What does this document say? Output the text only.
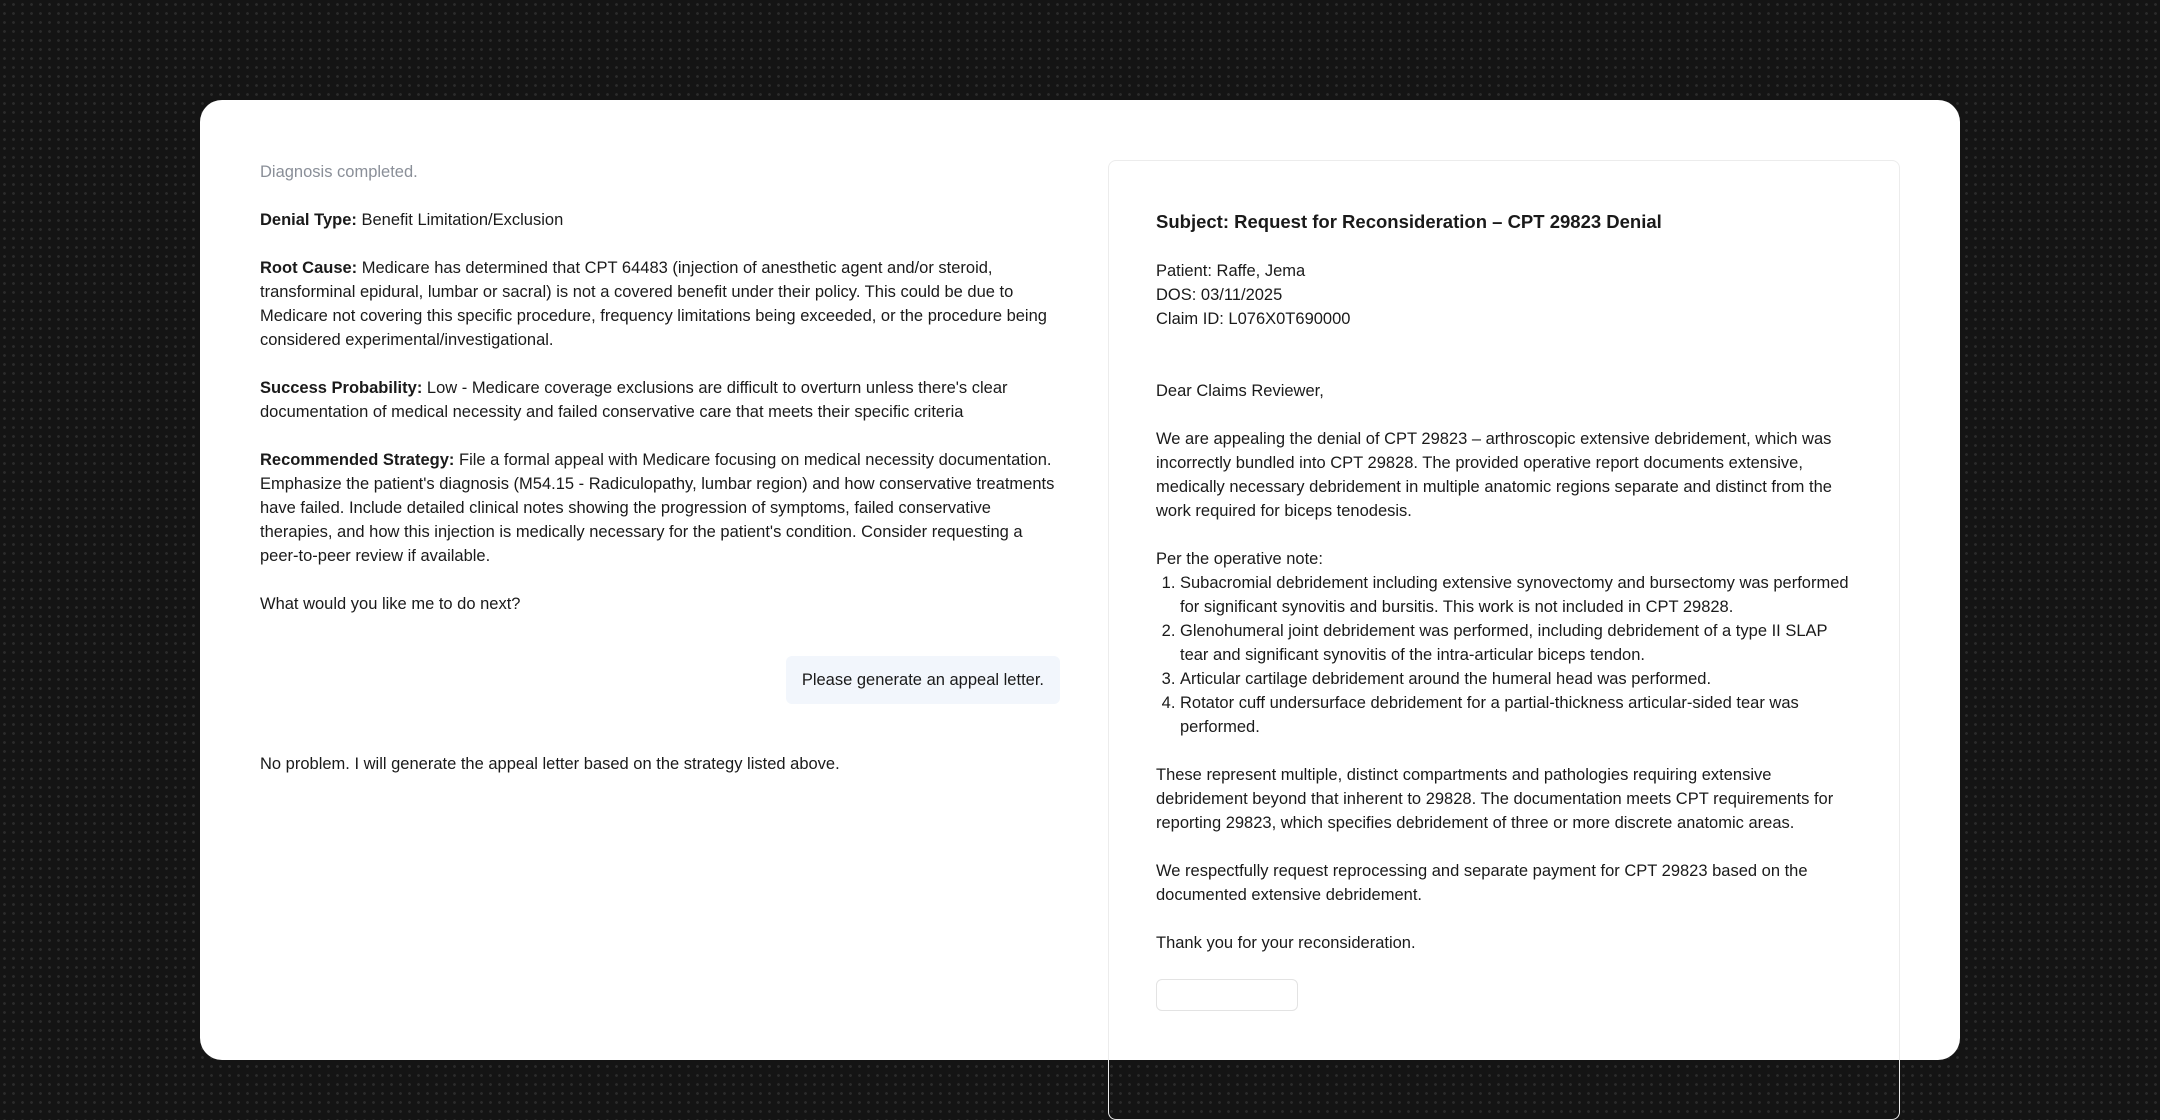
Diagnosis completed.

Denial Type: Benefit Limitation/Exclusion

Root Cause: Medicare has determined that CPT 64483 (injection of anesthetic agent and/or steroid, transforminal epidural, lumbar or sacral) is not a covered benefit under their policy. This could be due to Medicare not covering this specific procedure, frequency limitations being exceeded, or the procedure being considered experimental/investigational.

Success Probability: Low - Medicare coverage exclusions are difficult to overturn unless there's clear documentation of medical necessity and failed conservative care that meets their specific criteria

Recommended Strategy: File a formal appeal with Medicare focusing on medical necessity documentation. Emphasize the patient's diagnosis (M54.15 - Radiculopathy, lumbar region) and how conservative treatments have failed. Include detailed clinical notes showing the progression of symptoms, failed conservative therapies, and how this injection is medically necessary for the patient's condition. Consider requesting a peer-to-peer review if available.

What would you like me to do next?

Please generate an appeal letter.

No problem. I will generate the appeal letter based on the strategy listed above.

Subject: Request for Reconsideration – CPT 29823 Denial

Patient: Raffe, Jema
DOS: 03/11/2025
Claim ID: L076X0T690000

Dear Claims Reviewer,

We are appealing the denial of CPT 29823 – arthroscopic extensive debridement, which was incorrectly bundled into CPT 29828. The provided operative report documents extensive, medically necessary debridement in multiple anatomic regions separate and distinct from the work required for biceps tenodesis.

Per the operative note:

1. Subacromial debridement including extensive synovectomy and bursectomy was performed for significant synovitis and bursitis. This work is not included in CPT 29828.
2. Glenohumeral joint debridement was performed, including debridement of a type II SLAP tear and significant synovitis of the intra-articular biceps tendon.
3. Articular cartilage debridement around the humeral head was performed.
4. Rotator cuff undersurface debridement for a partial-thickness articular-sided tear was performed.

These represent multiple, distinct compartments and pathologies requiring extensive debridement beyond that inherent to 29828. The documentation meets CPT requirements for reporting 29823, which specifies debridement of three or more discrete anatomic areas.

We respectfully request reprocessing and separate payment for CPT 29823 based on the documented extensive debridement.

Thank you for your reconsideration.
